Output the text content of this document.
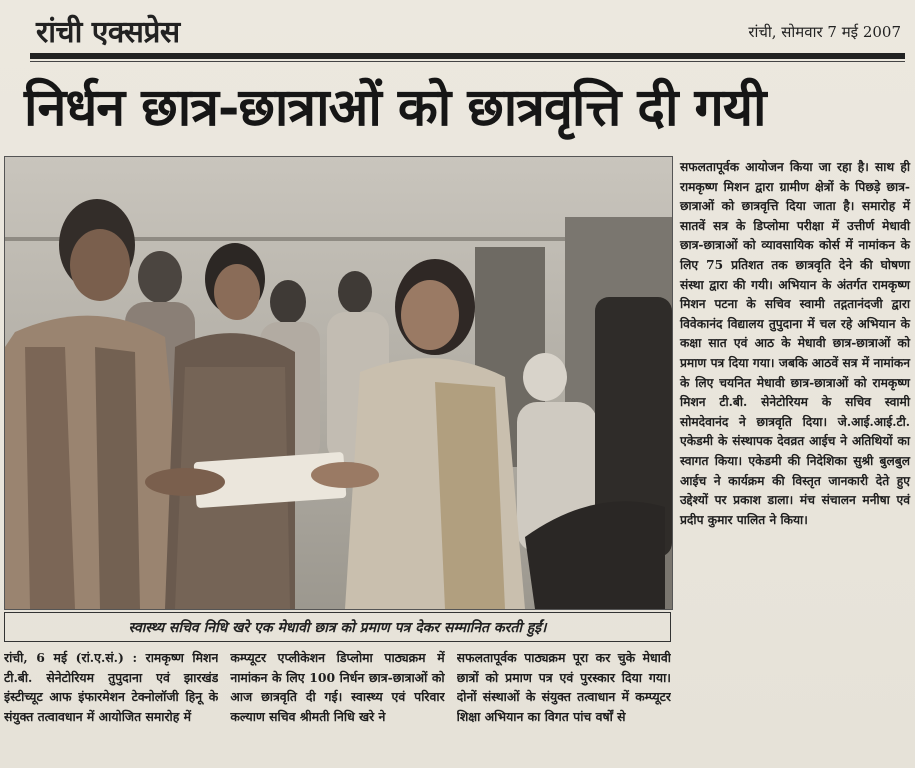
रांची एक्सप्रेस	रांची, सोमवार 7 मई 2007
निर्धन छात्र-छात्राओं को छात्रवृत्ति दी गयी
स्वास्थ्य सचिव निधि खरे एक मेधावी छात्र को प्रमाण पत्र देकर सम्मानित करती हुईं।

सफलतापूर्वक आयोजन किया जा रहा है। साथ ही रामकृष्ण मिशन द्वारा ग्रामीण क्षेत्रों के पिछड़े छात्र-छात्राओं को छात्रवृत्ति दिया जाता है। समारोह में सातवें सत्र के डिप्लोमा परीक्षा में उत्तीर्ण मेधावी छात्र-छात्राओं को व्यावसायिक कोर्स में नामांकन के लिए 75 प्रतिशत तक छात्रवृति देने की घोषणा संस्था द्वारा की गयी। अभियान के अंतर्गत रामकृष्ण मिशन पटना के सचिव स्वामी तद्गतानंदजी द्वारा विवेकानंद विद्यालय तुपुदाना में चल रहे अभियान के कक्षा सात एवं आठ के मेधावी छात्र-छात्राओं को प्रमाण पत्र दिया गया। जबकि आठवें सत्र में नामांकन के लिए चयनित मेधावी छात्र-छात्राओं को रामकृष्ण मिशन टी.बी. सेनेटोरियम के सचिव स्वामी सोमदेवानंद ने छात्रवृति दिया। जे.आई.आई.टी. एकेडमी के संस्थापक देवव्रत आईच ने अतिथियों का स्वागत किया। एकेडमी की निदेशिका सुश्री बुलबुल आईच ने कार्यक्रम की विस्तृत जानकारी देते हुए उद्देश्यों पर प्रकाश डाला। मंच संचालन मनीषा एवं प्रदीप कुमार पालित ने किया।

रांची, 6 मई (रां.ए.सं.) : रामकृष्ण मिशन टी.बी. सेनेटोरियम तुपुदाना एवं झारखंड इंस्टीच्यूट आफ इंफारमेशन टेक्नोलॉजी हिनू के संयुक्त तत्वावधान में आयोजित समारोह में

कम्प्यूटर एप्लीकेशन डिप्लोमा पाठ्यक्रम में नामांकन के लिए 100 निर्धन छात्र-छात्राओं को आज छात्रवृति दी गई। स्वास्थ्य एवं परिवार कल्याण सचिव श्रीमती निधि खरे ने

सफलतापूर्वक पाठ्यक्रम पूरा कर चुके मेधावी छात्रों को प्रमाण पत्र एवं पुरस्कार दिया गया। दोनों संस्थाओं के संयुक्त तत्वाधान में कम्प्यूटर शिक्षा अभियान का विगत पांच वर्षों से
